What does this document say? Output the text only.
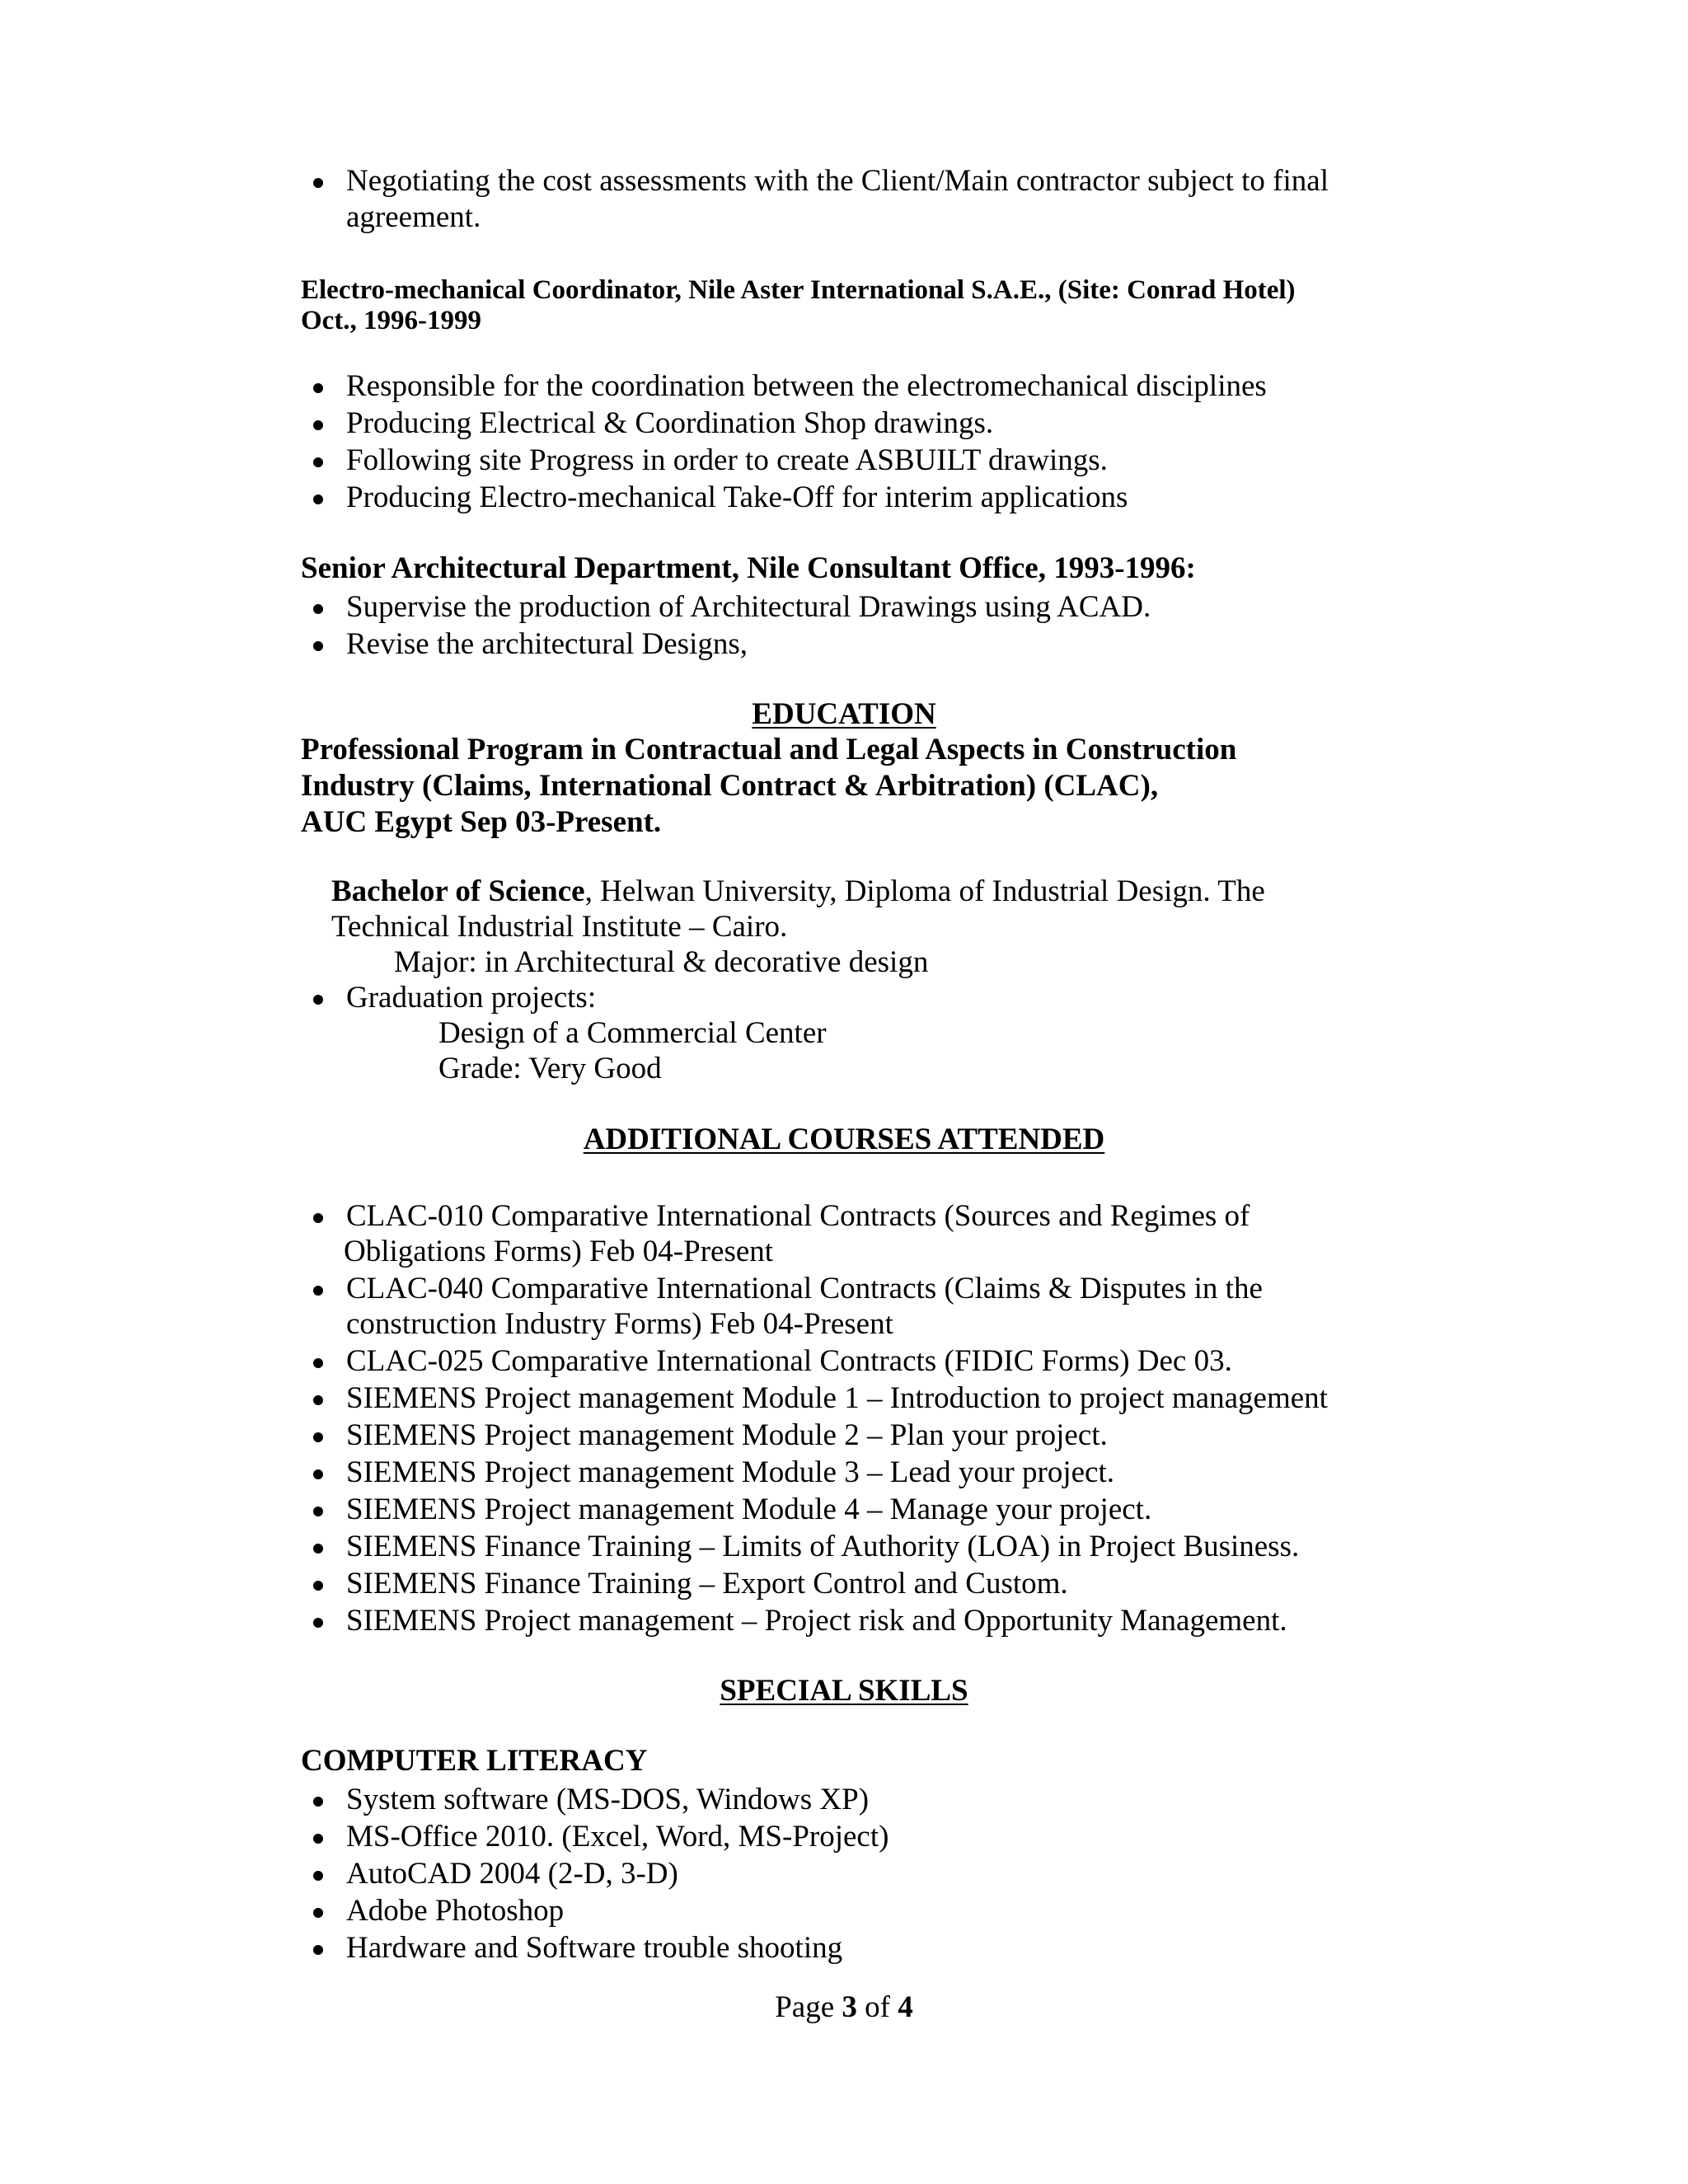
Negotiating the cost assessments with the Client/Main contractor subject to final
agreement.
Electro-mechanical Coordinator, Nile Aster International S.A.E., (Site: Conrad Hotel)
Oct., 1996-1999
Responsible for the coordination between the electromechanical disciplines
Producing Electrical & Coordination Shop drawings.
Following site Progress in order to create ASBUILT drawings.
Producing Electro-mechanical Take-Off for interim applications
Senior Architectural Department, Nile Consultant Office, 1993-1996:
Supervise the production of Architectural Drawings using ACAD.
Revise the architectural Designs,
EDUCATION
Professional Program in Contractual and Legal Aspects in Construction
Industry (Claims, International Contract & Arbitration) (CLAC),
AUC Egypt Sep 03-Present.
Bachelor of Science, Helwan University, Diploma of Industrial Design. The
Technical Industrial Institute – Cairo.
Major: in Architectural & decorative design
Graduation projects:
Design of a Commercial Center
Grade: Very Good
ADDITIONAL COURSES ATTENDED
CLAC-010 Comparative International Contracts (Sources and Regimes of
Obligations Forms) Feb 04-Present
CLAC-040 Comparative International Contracts (Claims & Disputes in the
construction Industry Forms) Feb 04-Present
CLAC-025 Comparative International Contracts (FIDIC Forms) Dec 03.
SIEMENS Project management Module 1 – Introduction to project management
SIEMENS Project management Module 2 – Plan your project.
SIEMENS Project management Module 3 – Lead your project.
SIEMENS Project management Module 4 – Manage your project.
SIEMENS Finance Training – Limits of Authority (LOA) in Project Business.
SIEMENS Finance Training – Export Control and Custom.
SIEMENS Project management – Project risk and Opportunity Management.
SPECIAL SKILLS
COMPUTER LITERACY
System software (MS-DOS, Windows XP)
MS-Office 2010. (Excel, Word, MS-Project)
AutoCAD 2004 (2-D, 3-D)
Adobe Photoshop
Hardware and Software trouble shooting
Page 3 of 4
